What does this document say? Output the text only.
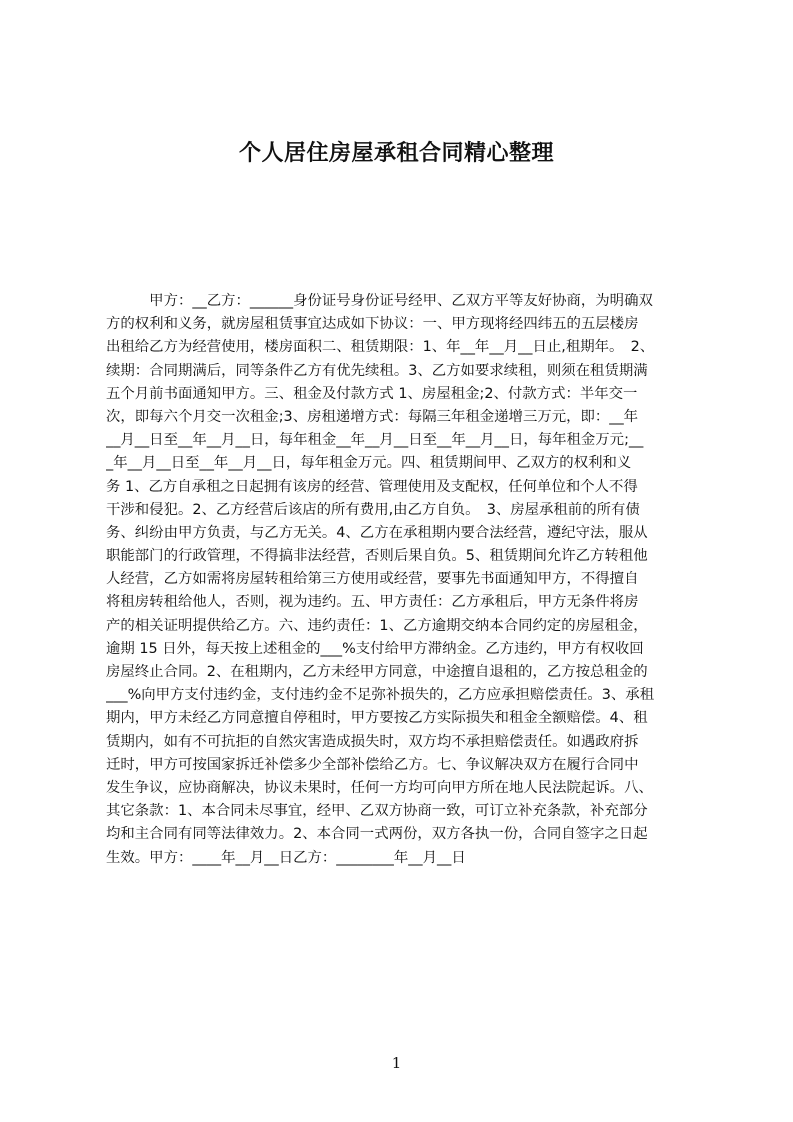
个人居住房屋承租合同精心整理
　　　甲方：__乙方：______身份证号身份证号经甲、乙双方平等友好协商，为明确双
方的权利和义务，就房屋租赁事宜达成如下协议：一、甲方现将经四纬五的五层楼房
出租给乙方为经营使用，楼房面积二、租赁期限：1、年__年__月__日止,租期年。　2、
续期：合同期满后，同等条件乙方有优先续租。3、乙方如要求续租，则须在租赁期满
五个月前书面通知甲方。三、租金及付款方式 1、房屋租金;2、付款方式：半年交一
次，即每六个月交一次租金;3、房租递增方式：每隔三年租金递增三万元，即：__年
__月__日至__年__月__日，每年租金__年__月__日至__年__月__日，每年租金万元;__
_年__月__日至__年__月__日，每年租金万元。四、租赁期间甲、乙双方的权利和义
务 1、乙方自承租之日起拥有该房的经营、管理使用及支配权，任何单位和个人不得
干涉和侵犯。2、乙方经营后该店的所有费用,由乙方自负。　3、房屋承租前的所有债
务、纠纷由甲方负责，与乙方无关。4、乙方在承租期内要合法经营，遵纪守法，服从
职能部门的行政管理，不得搞非法经营，否则后果自负。5、租赁期间允许乙方转租他
人经营，乙方如需将房屋转租给第三方使用或经营，要事先书面通知甲方，不得擅自
将租房转租给他人，否则，视为违约。五、甲方责任：乙方承租后，甲方无条件将房
产的相关证明提供给乙方。六、违约责任：1、乙方逾期交纳本合同约定的房屋租金，
逾期 15 日外，每天按上述租金的___%支付给甲方滞纳金。乙方违约，甲方有权收回
房屋终止合同。2、在租期内，乙方未经甲方同意，中途擅自退租的，乙方按总租金的
___%向甲方支付违约金，支付违约金不足弥补损失的，乙方应承担赔偿责任。3、承租
期内，甲方未经乙方同意擅自停租时，甲方要按乙方实际损失和租金全额赔偿。4、租
赁期内，如有不可抗拒的自然灾害造成损失时，双方均不承担赔偿责任。如遇政府拆
迁时，甲方可按国家拆迁补偿多少全部补偿给乙方。七、争议解决双方在履行合同中
发生争议，应协商解决，协议未果时，任何一方均可向甲方所在地人民法院起诉。八、
其它条款：1、本合同未尽事宜，经甲、乙双方协商一致，可订立补充条款，补充部分
均和主合同有同等法律效力。2、本合同一式两份，双方各执一份，合同自签字之日起
生效。甲方：____年__月__日乙方：________年__月__日
1
